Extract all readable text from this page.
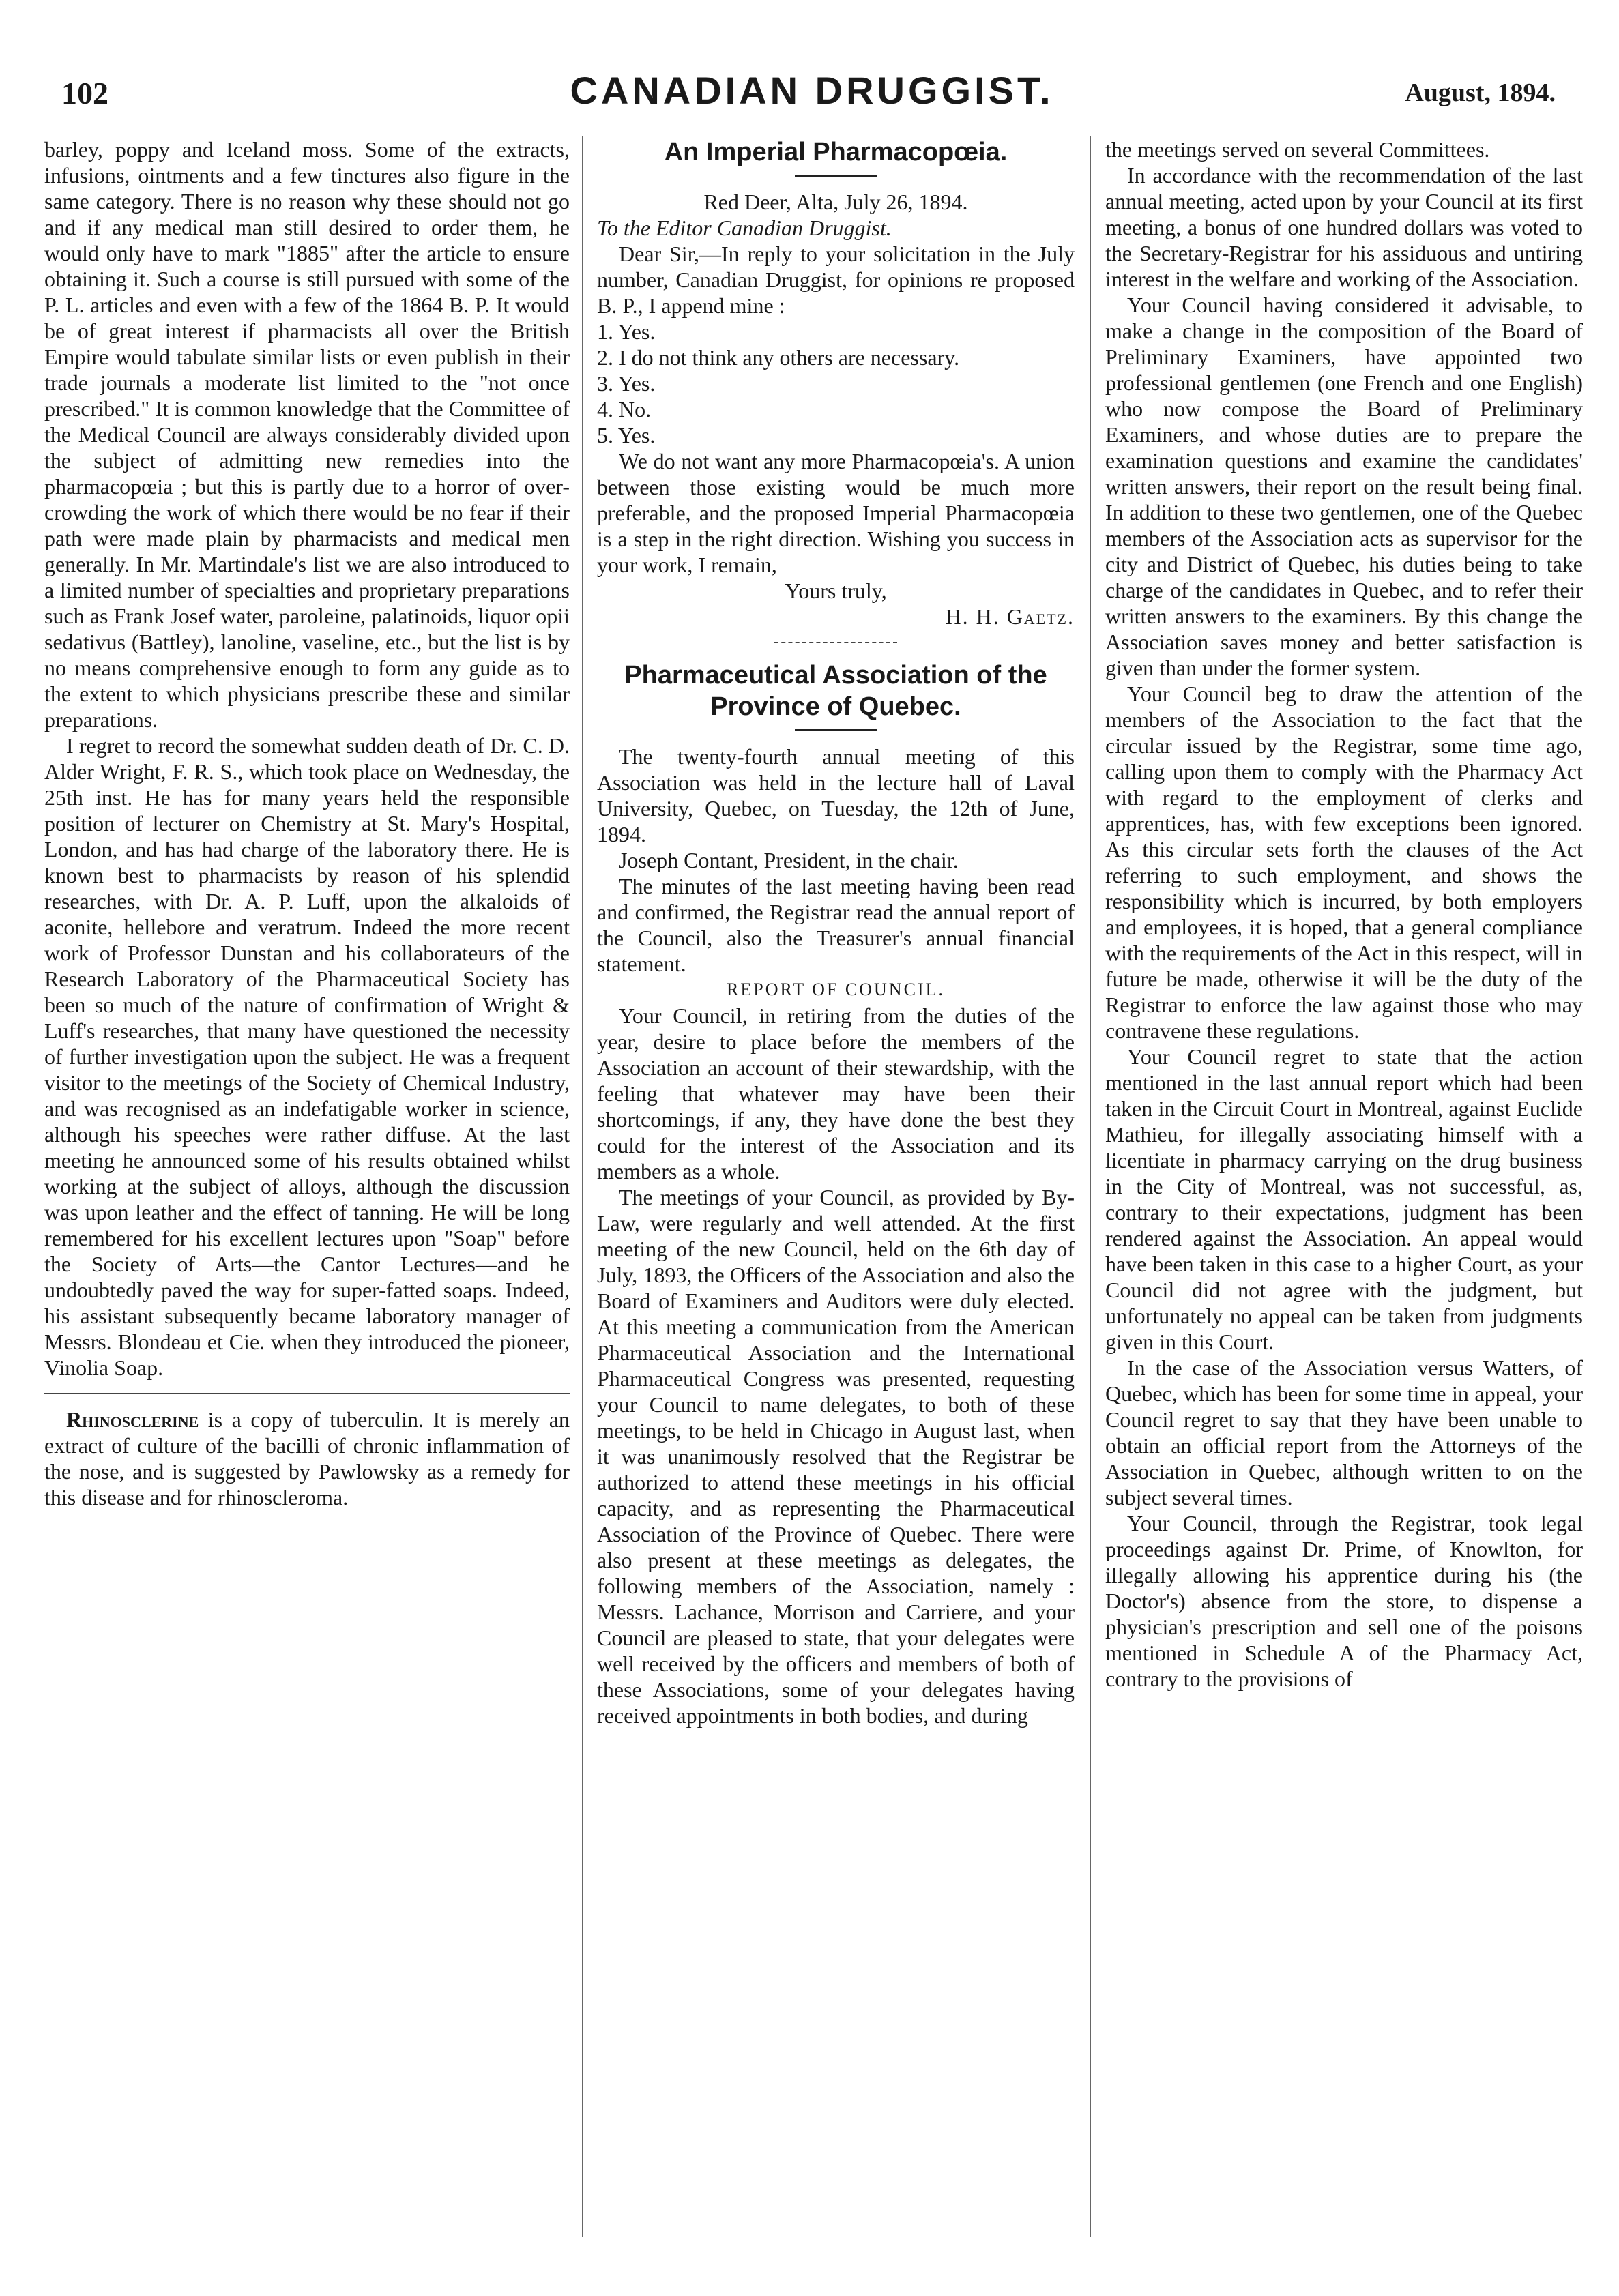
102	CANADIAN DRUGGIST.	August, 1894.

barley, poppy and Iceland moss. Some of the extracts, infusions, ointments and a few tinctures also figure in the same category. There is no reason why these should not go and if any medical man still desired to order them, he would only have to mark "1885" after the article to ensure obtaining it. Such a course is still pursued with some of the P. L. articles and even with a few of the 1864 B. P. It would be of great interest if pharmacists all over the British Empire would tabulate similar lists or even publish in their trade journals a moderate list limited to the "not once prescribed." It is common knowledge that the Committee of the Medical Council are always considerably divided upon the subject of admitting new remedies into the pharmacopœia ; but this is partly due to a horror of over-crowding the work of which there would be no fear if their path were made plain by pharmacists and medical men generally. In Mr. Martindale's list we are also introduced to a limited number of specialties and proprietary preparations such as Frank Josef water, paroleine, palatinoids, liquor opii sedativus (Battley), lanoline, vaseline, etc., but the list is by no means comprehensive enough to form any guide as to the extent to which physicians prescribe these and similar preparations.

I regret to record the somewhat sudden death of Dr. C. D. Alder Wright, F. R. S., which took place on Wednesday, the 25th inst. He has for many years held the responsible position of lecturer on Chemistry at St. Mary's Hospital, London, and has had charge of the laboratory there. He is known best to pharmacists by reason of his splendid researches, with Dr. A. P. Luff, upon the alkaloids of aconite, hellebore and veratrum. Indeed the more recent work of Professor Dunstan and his collaborateurs of the Research Laboratory of the Pharmaceutical Society has been so much of the nature of confirmation of Wright & Luff's researches, that many have questioned the necessity of further investigation upon the subject. He was a frequent visitor to the meetings of the Society of Chemical Industry, and was recognised as an indefatigable worker in science, although his speeches were rather diffuse. At the last meeting he announced some of his results obtained whilst working at the subject of alloys, although the discussion was upon leather and the effect of tanning. He will be long remembered for his excellent lectures upon "Soap" before the Society of Arts—the Cantor Lectures—and he undoubtedly paved the way for super-fatted soaps. Indeed, his assistant subsequently became laboratory manager of Messrs. Blondeau et Cie. when they introduced the pioneer, Vinolia Soap.

Rhinosclerine is a copy of tuberculin. It is merely an extract of culture of the bacilli of chronic inflammation of the nose, and is suggested by Pawlowsky as a remedy for this disease and for rhinoscleroma.

An Imperial Pharmacopœia.

Red Deer, Alta, July 26, 1894.

To the Editor Canadian Druggist.

Dear Sir,—In reply to your solicitation in the July number, Canadian Druggist, for opinions re proposed B. P., I append mine :

1. Yes.

2. I do not think any others are necessary.

3. Yes.

4. No.

5. Yes.

We do not want any more Pharmacopœia's. A union between those existing would be much more preferable, and the proposed Imperial Pharmacopœia is a step in the right direction. Wishing you success in your work, I remain,

Yours truly,

H. H. Gaetz.

Pharmaceutical Association of the Province of Quebec.

The twenty-fourth annual meeting of this Association was held in the lecture hall of Laval University, Quebec, on Tuesday, the 12th of June, 1894.

Joseph Contant, President, in the chair.

The minutes of the last meeting having been read and confirmed, the Registrar read the annual report of the Council, also the Treasurer's annual financial statement.

REPORT OF COUNCIL.

Your Council, in retiring from the duties of the year, desire to place before the members of the Association an account of their stewardship, with the feeling that whatever may have been their shortcomings, if any, they have done the best they could for the interest of the Association and its members as a whole.

The meetings of your Council, as provided by By-Law, were regularly and well attended. At the first meeting of the new Council, held on the 6th day of July, 1893, the Officers of the Association and also the Board of Examiners and Auditors were duly elected. At this meeting a communication from the American Pharmaceutical Association and the International Pharmaceutical Congress was presented, requesting your Council to name delegates, to both of these meetings, to be held in Chicago in August last, when it was unanimously resolved that the Registrar be authorized to attend these meetings in his official capacity, and as representing the Pharmaceutical Association of the Province of Quebec. There were also present at these meetings as delegates, the following members of the Association, namely : Messrs. Lachance, Morrison and Carriere, and your Council are pleased to state, that your delegates were well received by the officers and members of both of these Associations, some of your delegates having received appointments in both bodies, and during

the meetings served on several Committees.

In accordance with the recommendation of the last annual meeting, acted upon by your Council at its first meeting, a bonus of one hundred dollars was voted to the Secretary-Registrar for his assiduous and untiring interest in the welfare and working of the Association.

Your Council having considered it advisable, to make a change in the composition of the Board of Preliminary Examiners, have appointed two professional gentlemen (one French and one English) who now compose the Board of Preliminary Examiners, and whose duties are to prepare the examination questions and examine the candidates' written answers, their report on the result being final. In addition to these two gentlemen, one of the Quebec members of the Association acts as supervisor for the city and District of Quebec, his duties being to take charge of the candidates in Quebec, and to refer their written answers to the examiners. By this change the Association saves money and better satisfaction is given than under the former system.

Your Council beg to draw the attention of the members of the Association to the fact that the circular issued by the Registrar, some time ago, calling upon them to comply with the Pharmacy Act with regard to the employment of clerks and apprentices, has, with few exceptions been ignored. As this circular sets forth the clauses of the Act referring to such employment, and shows the responsibility which is incurred, by both employers and employees, it is hoped, that a general compliance with the requirements of the Act in this respect, will in future be made, otherwise it will be the duty of the Registrar to enforce the law against those who may contravene these regulations.

Your Council regret to state that the action mentioned in the last annual report which had been taken in the Circuit Court in Montreal, against Euclide Mathieu, for illegally associating himself with a licentiate in pharmacy carrying on the drug business in the City of Montreal, was not successful, as, contrary to their expectations, judgment has been rendered against the Association. An appeal would have been taken in this case to a higher Court, as your Council did not agree with the judgment, but unfortunately no appeal can be taken from judgments given in this Court.

In the case of the Association versus Watters, of Quebec, which has been for some time in appeal, your Council regret to say that they have been unable to obtain an official report from the Attorneys of the Association in Quebec, although written to on the subject several times.

Your Council, through the Registrar, took legal proceedings against Dr. Prime, of Knowlton, for illegally allowing his apprentice during his (the Doctor's) absence from the store, to dispense a physician's prescription and sell one of the poisons mentioned in Schedule A of the Pharmacy Act, contrary to the provisions of
